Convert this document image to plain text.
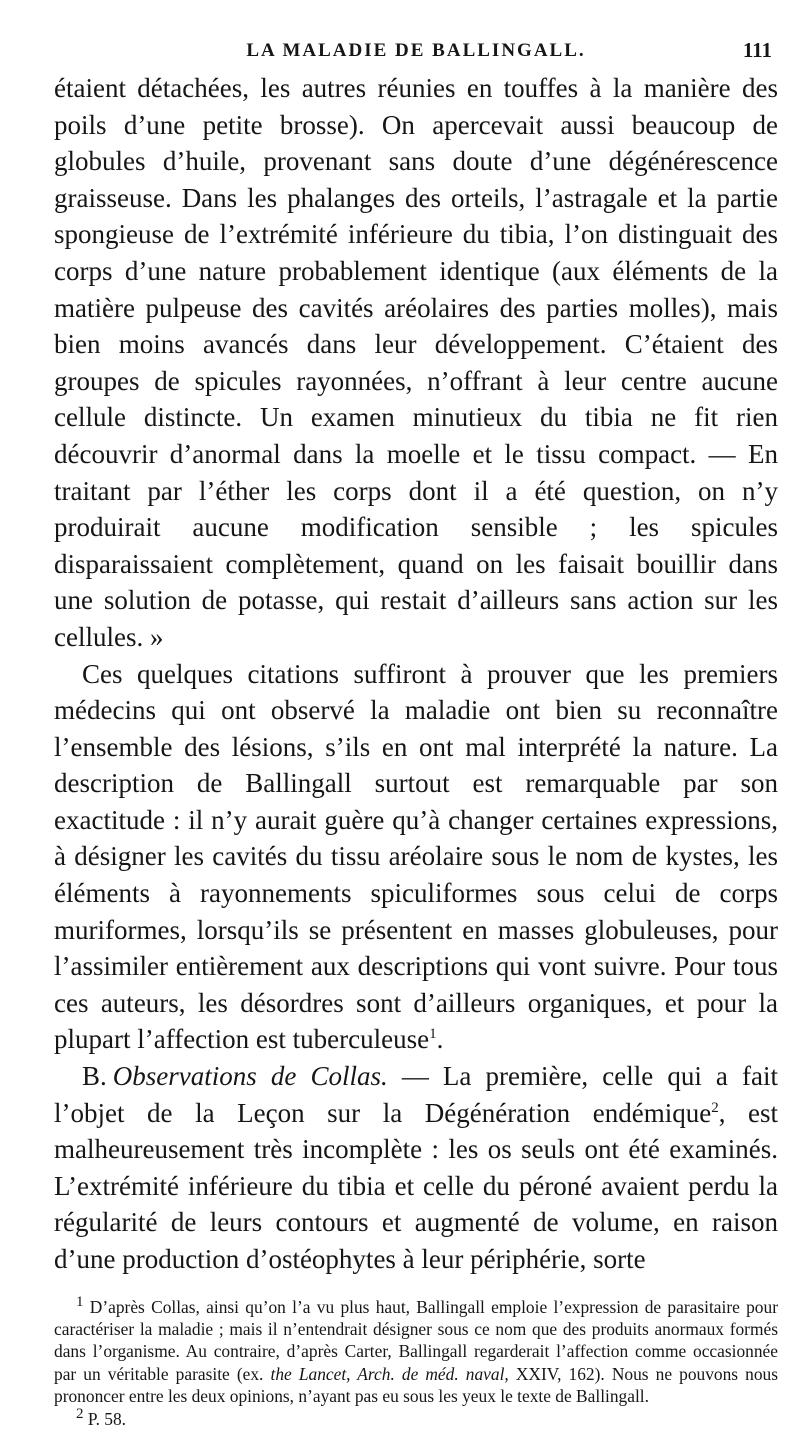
LA MALADIE DE BALLINGALL.	111

étaient détachées, les autres réunies en touffes à la manière des poils d’une petite brosse). On apercevait aussi beaucoup de globules d’huile, provenant sans doute d’une dégénérescence graisseuse. Dans les phalanges des orteils, l’astragale et la partie spongieuse de l’extrémité inférieure du tibia, l’on distinguait des corps d’une nature probablement identique (aux éléments de la matière pulpeuse des cavités aréolaires des parties molles), mais bien moins avancés dans leur développement. C’étaient des groupes de spicules rayonnées, n’offrant à leur centre aucune cellule distincte. Un examen minutieux du tibia ne fit rien découvrir d’anormal dans la moelle et le tissu compact. — En traitant par l’éther les corps dont il a été question, on n’y produirait aucune modification sensible ; les spicules disparaissaient complètement, quand on les faisait bouillir dans une solution de potasse, qui restait d’ailleurs sans action sur les cellules. »

Ces quelques citations suffiront à prouver que les premiers médecins qui ont observé la maladie ont bien su reconnaître l’ensemble des lésions, s’ils en ont mal interprété la nature. La description de Ballingall surtout est remarquable par son exactitude : il n’y aurait guère qu’à changer certaines expressions, à désigner les cavités du tissu aréolaire sous le nom de kystes, les éléments à rayonnements spiculiformes sous celui de corps muriformes, lorsqu’ils se présentent en masses globuleuses, pour l’assimiler entièrement aux descriptions qui vont suivre. Pour tous ces auteurs, les désordres sont d’ailleurs organiques, et pour la plupart l’affection est tuberculeuse$^1$.

B. Observations de Collas. — La première, celle qui a fait l’objet de la Leçon sur la Dégénération endémique$^2$, est malheureusement très incomplète : les os seuls ont été examinés. L’extrémité inférieure du tibia et celle du péroné avaient perdu la régularité de leurs contours et augmenté de volume, en raison d’une production d’ostéophytes à leur périphérie, sorte

$^1$ D’après Collas, ainsi qu’on l’a vu plus haut, Ballingall emploie l’expression de parasitaire pour caractériser la maladie ; mais il n’entendrait désigner sous ce nom que des produits anormaux formés dans l’organisme. Au contraire, d’après Carter, Ballingall regarderait l’affection comme occasionnée par un véritable parasite (ex. the Lancet, Arch. de méd. naval, XXIV, 162). Nous ne pouvons nous prononcer entre les deux opinions, n’ayant pas eu sous les yeux le texte de Ballingall.

$^2$ P. 58.
